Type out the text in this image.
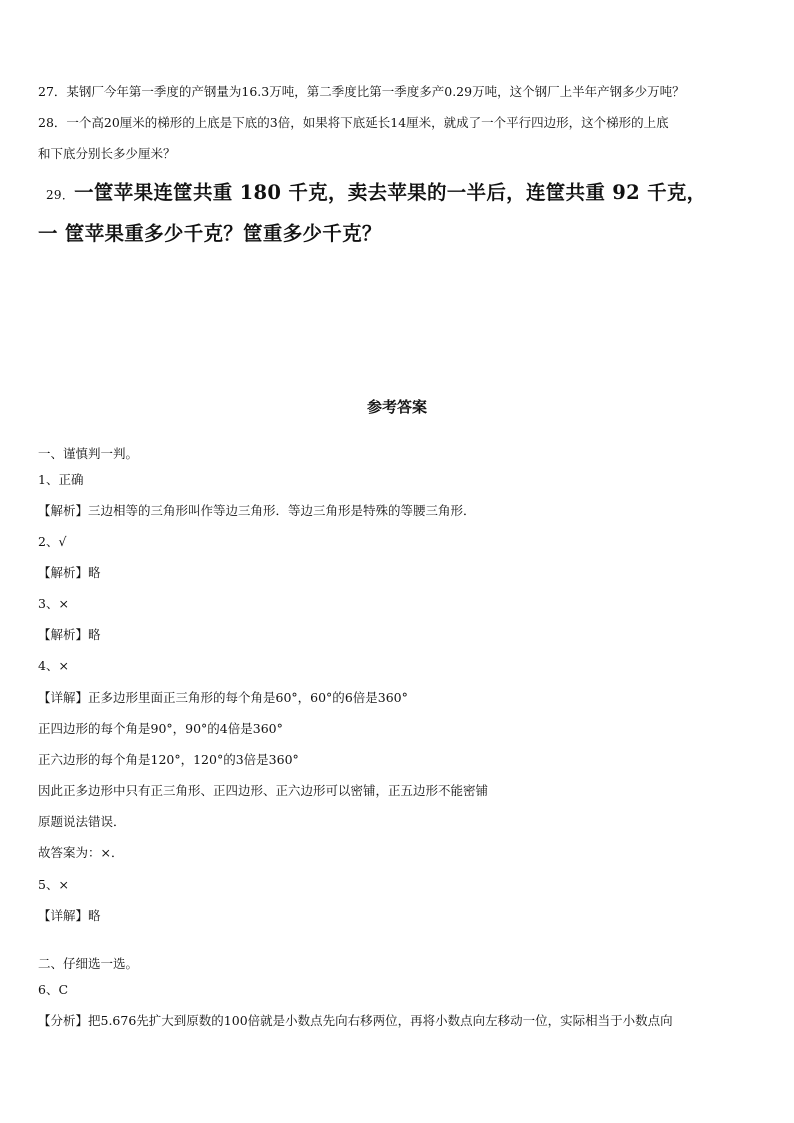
27．某钢厂今年第一季度的产钢量为16.3万吨，第二季度比第一季度多产0.29万吨，这个钢厂上半年产钢多少万吨？
28．一个高20厘米的梯形的上底是下底的3倍，如果将下底延长14厘米，就成了一个平行四边形，这个梯形的上底
和下底分别长多少厘米？
29．一筐苹果连筐共重 180 千克，卖去苹果的一半后，连筐共重 92 千克，
一 筐苹果重多少千克？筐重多少千克？
参考答案
一、谨慎判一判。
1、正确
【解析】三边相等的三角形叫作等边三角形．等边三角形是特殊的等腰三角形．
2、√
【解析】略
3、×
【解析】略
4、×
【详解】正多边形里面正三角形的每个角是60°，60°的6倍是360°
正四边形的每个角是90°，90°的4倍是360°
正六边形的每个角是120°，120°的3倍是360°
因此正多边形中只有正三角形、正四边形、正六边形可以密铺，正五边形不能密铺
原题说法错误．
故答案为：×．
5、×
【详解】略
二、仔细选一选。
6、C
【分析】把5.676先扩大到原数的100倍就是小数点先向右移两位，再将小数点向左移动一位，实际相当于小数点向
